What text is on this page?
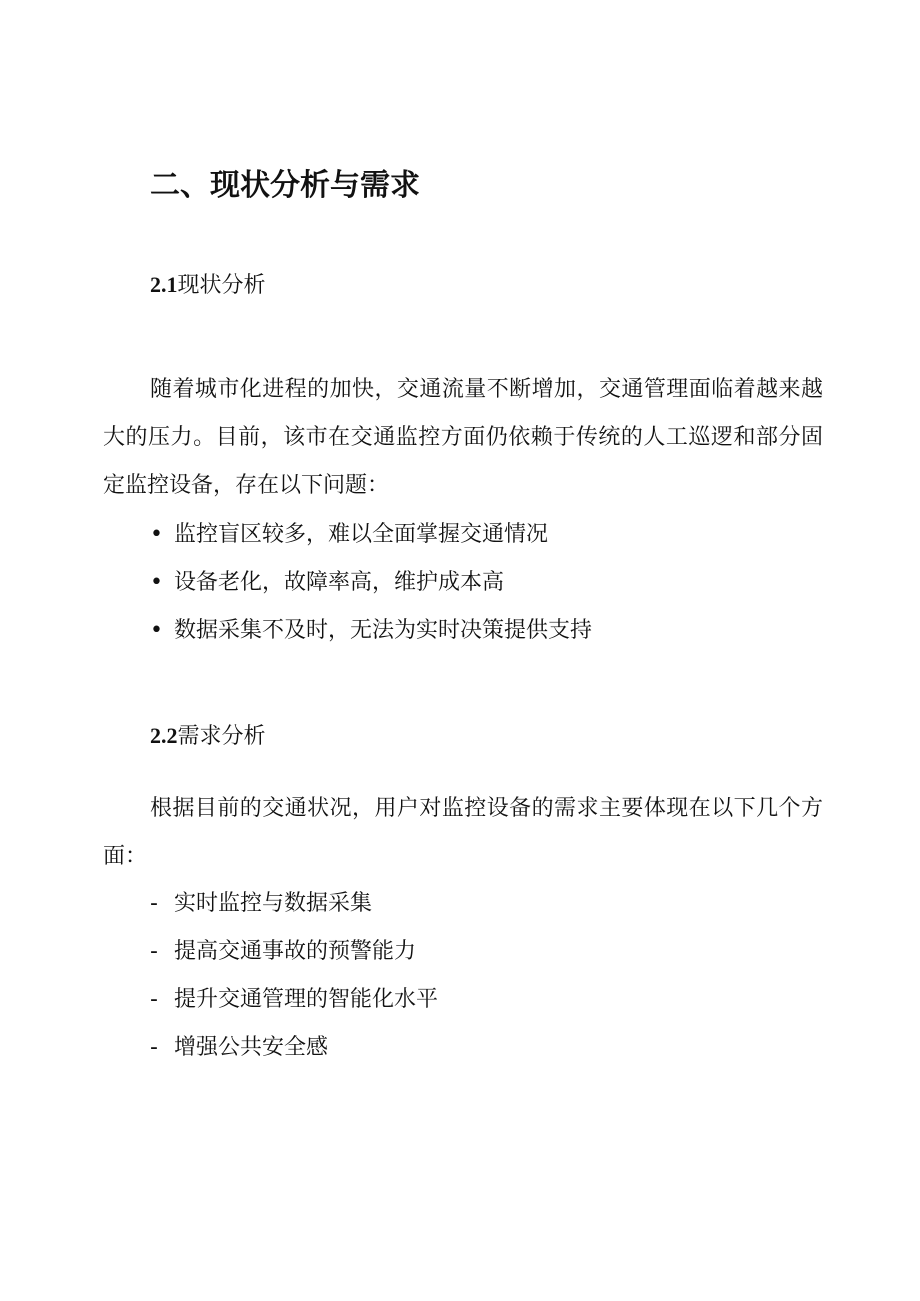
二、现状分析与需求
2.1现状分析

随着城市化进程的加快，交通流量不断增加，交通管理面临着越来越大的压力。目前，该市在交通监控方面仍依赖于传统的人工巡逻和部分固定监控设备，存在以下问题：

• 监控盲区较多，难以全面掌握交通情况
• 设备老化，故障率高，维护成本高
• 数据采集不及时，无法为实时决策提供支持
2.2需求分析

根据目前的交通状况，用户对监控设备的需求主要体现在以下几个方面：

- 实时监控与数据采集
- 提高交通事故的预警能力
- 提升交通管理的智能化水平
- 增强公共安全感
